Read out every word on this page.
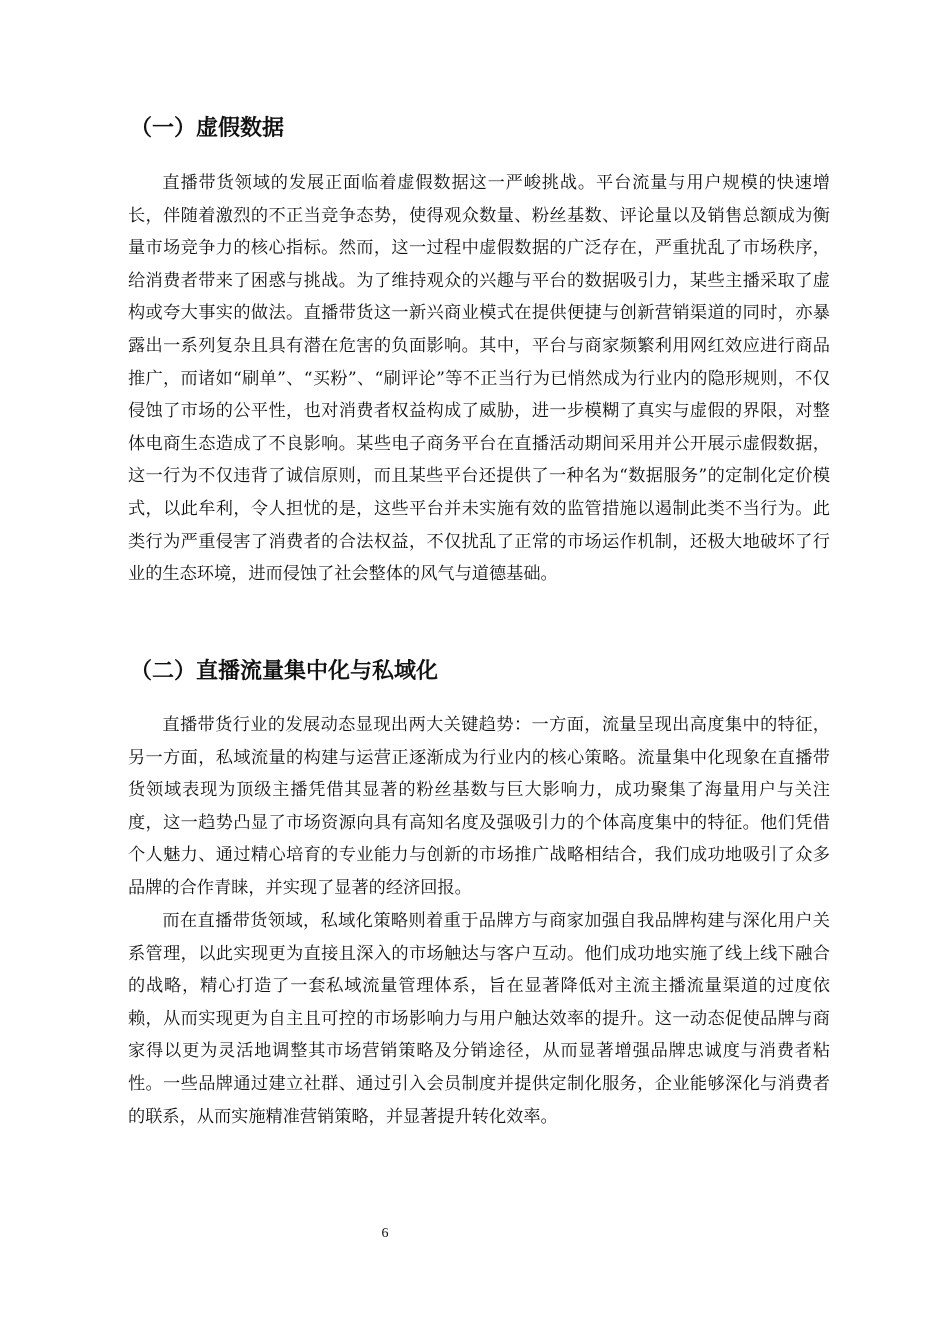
（一）虚假数据

直播带货领域的发展正面临着虚假数据这一严峻挑战。平台流量与用户规模的快速增长，伴随着激烈的不正当竞争态势，使得观众数量、粉丝基数、评论量以及销售总额成为衡量市场竞争力的核心指标。然而，这一过程中虚假数据的广泛存在，严重扰乱了市场秩序，给消费者带来了困惑与挑战。为了维持观众的兴趣与平台的数据吸引力，某些主播采取了虚构或夸大事实的做法。直播带货这一新兴商业模式在提供便捷与创新营销渠道的同时，亦暴露出一系列复杂且具有潜在危害的负面影响。其中，平台与商家频繁利用网红效应进行商品推广，而诸如“刷单”、“买粉”、“刷评论”等不正当行为已悄然成为行业内的隐形规则，不仅侵蚀了市场的公平性，也对消费者权益构成了威胁，进一步模糊了真实与虚假的界限，对整体电商生态造成了不良影响。某些电子商务平台在直播活动期间采用并公开展示虚假数据，这一行为不仅违背了诚信原则，而且某些平台还提供了一种名为“数据服务”的定制化定价模式，以此牟利，令人担忧的是，这些平台并未实施有效的监管措施以遏制此类不当行为。此类行为严重侵害了消费者的合法权益，不仅扰乱了正常的市场运作机制，还极大地破坏了行业的生态环境，进而侵蚀了社会整体的风气与道德基础。

（二）直播流量集中化与私域化

直播带货行业的发展动态显现出两大关键趋势：一方面，流量呈现出高度集中的特征，另一方面，私域流量的构建与运营正逐渐成为行业内的核心策略。流量集中化现象在直播带货领域表现为顶级主播凭借其显著的粉丝基数与巨大影响力，成功聚集了海量用户与关注度，这一趋势凸显了市场资源向具有高知名度及强吸引力的个体高度集中的特征。他们凭借个人魅力、通过精心培育的专业能力与创新的市场推广战略相结合，我们成功地吸引了众多品牌的合作青睐，并实现了显著的经济回报。

而在直播带货领域，私域化策略则着重于品牌方与商家加强自我品牌构建与深化用户关系管理，以此实现更为直接且深入的市场触达与客户互动。他们成功地实施了线上线下融合的战略，精心打造了一套私域流量管理体系，旨在显著降低对主流主播流量渠道的过度依赖，从而实现更为自主且可控的市场影响力与用户触达效率的提升。这一动态促使品牌与商家得以更为灵活地调整其市场营销策略及分销途径，从而显著增强品牌忠诚度与消费者粘性。一些品牌通过建立社群、通过引入会员制度并提供定制化服务，企业能够深化与消费者的联系，从而实施精准营销策略，并显著提升转化效率。

6
